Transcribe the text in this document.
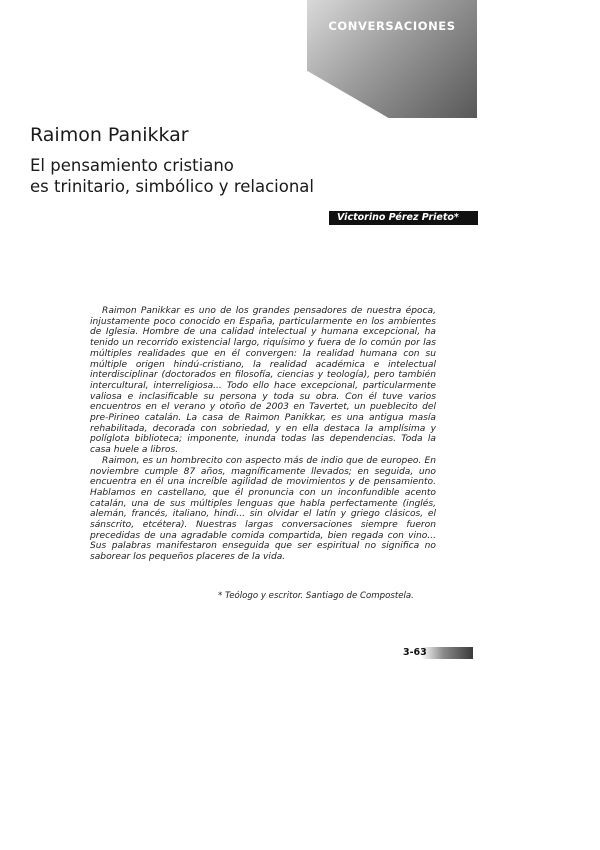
CONVERSACIONES
Raimon Panikkar
El pensamiento cristiano
es trinitario, simbólico y relacional
Victorino Pérez Prieto*

Raimon Panikkar es uno de los grandes pensadores de nuestra época, injustamente poco conocido en España, particularmente en los ambientes de Iglesia. Hombre de una calidad intelectual y humana excepcional, ha tenido un recorrido existencial largo, riquísimo y fuera de lo común por las múltiples realidades que en él convergen: la realidad humana con su múltiple origen hindú-cristiano, la realidad académica e intelectual interdisciplinar (doctorados en filosofía, ciencias y teología), pero también intercultural, interreligiosa... Todo ello hace excepcional, particularmente valiosa e inclasificable su persona y toda su obra. Con él tuve varios encuentros en el verano y otoño de 2003 en Tavertet, un pueblecito del pre-Pirineo catalán. La casa de Raimon Panikkar, es una antigua masía rehabilitada, decorada con sobriedad, y en ella destaca la amplísima y políglota biblioteca; imponente, inunda todas las dependencias. Toda la casa huele a libros.

Raimon, es un hombrecito con aspecto más de indio que de europeo. En noviembre cumple 87 años, magníficamente llevados; en seguida, uno encuentra en él una increíble agilidad de movimientos y de pensamiento. Hablamos en castellano, que él pronuncia con un inconfundible acento catalán, una de sus múltiples lenguas que habla perfectamente (inglés, alemán, francés, italiano, hindi... sin olvidar el latín y griego clásicos, el sánscrito, etcétera). Nuestras largas conversaciones siempre fueron precedidas de una agradable comida compartida, bien regada con vino... Sus palabras manifestaron enseguida que ser espiritual no significa no saborear los pequeños placeres de la vida.

* Teólogo y escritor. Santiago de Compostela.
3-63
